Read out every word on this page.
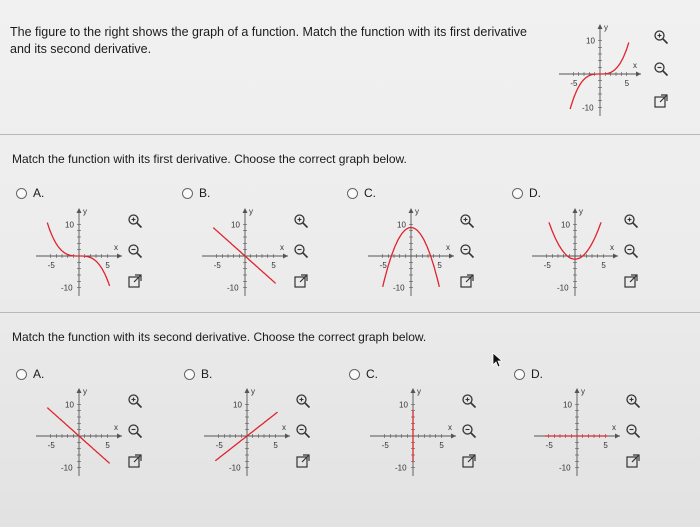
The figure to the right shows the graph of a function. Match the function with its first derivative and its second derivative.
y
x
10
-10
-5	5
Match the function with its first derivative. Choose the correct graph below.
A.	B.	C.	D.
y
x
10
-10
-5	5
y
x
10
-10
-5	5
y
x
10
-10
-5	5
y
x
10
-10
-5	5
Match the function with its second derivative. Choose the correct graph below.
A.	B.	C.	D.
y
x
10
-10
-5	5
y
x
10
-10
-5	5
y
x
10
-10
-5	5
y
x
10
-10
-5	5
